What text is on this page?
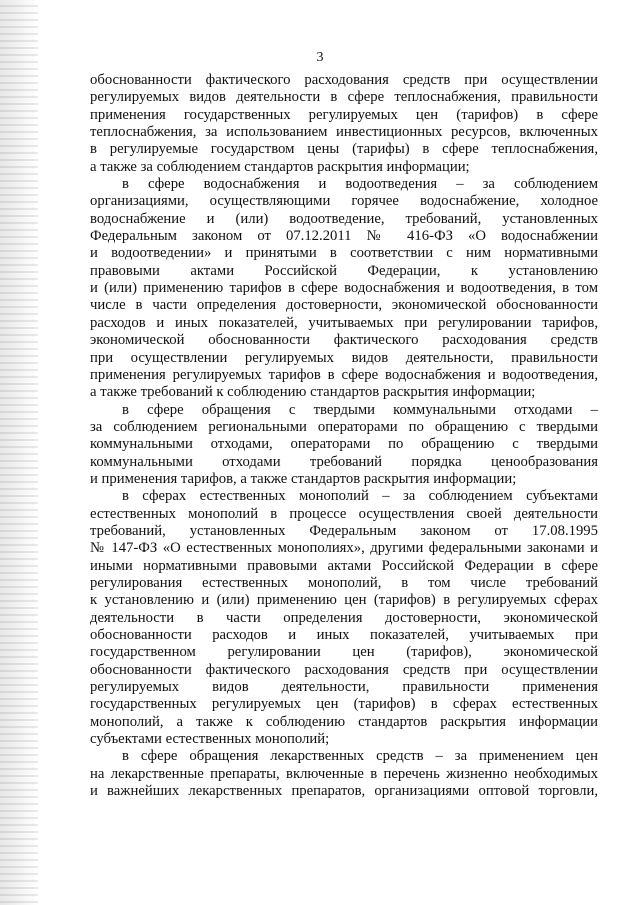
3

обоснованности фактического расходования средств при осуществлении
регулируемых видов деятельности в сфере теплоснабжения, правильности
применения государственных регулируемых цен (тарифов) в сфере
теплоснабжения, за использованием инвестиционных ресурсов, включенных
в регулируемые государством цены (тарифы) в сфере теплоснабжения,
а также за соблюдением стандартов раскрытия информации;

в сфере водоснабжения и водоотведения – за соблюдением
организациями, осуществляющими горячее водоснабжение, холодное
водоснабжение и (или) водоотведение, требований, установленных
Федеральным законом от 07.12.2011 № 416-ФЗ «О водоснабжении
и водоотведении» и принятыми в соответствии с ним нормативными
правовыми актами Российской Федерации, к установлению
и (или) применению тарифов в сфере водоснабжения и водоотведения, в том
числе в части определения достоверности, экономической обоснованности
расходов и иных показателей, учитываемых при регулировании тарифов,
экономической обоснованности фактического расходования средств
при осуществлении регулируемых видов деятельности, правильности
применения регулируемых тарифов в сфере водоснабжения и водоотведения,
а также требований к соблюдению стандартов раскрытия информации;

в сфере обращения с твердыми коммунальными отходами –
за соблюдением региональными операторами по обращению с твердыми
коммунальными отходами, операторами по обращению с твердыми
коммунальными отходами требований порядка ценообразования
и применения тарифов, а также стандартов раскрытия информации;

в сферах естественных монополий – за соблюдением субъектами
естественных монополий в процессе осуществления своей деятельности
требований, установленных Федеральным законом от 17.08.1995
№ 147-ФЗ «О естественных монополиях», другими федеральными законами и
иными нормативными правовыми актами Российской Федерации в сфере
регулирования естественных монополий, в том числе требований
к установлению и (или) применению цен (тарифов) в регулируемых сферах
деятельности в части определения достоверности, экономической
обоснованности расходов и иных показателей, учитываемых при
государственном регулировании цен (тарифов), экономической
обоснованности фактического расходования средств при осуществлении
регулируемых видов деятельности, правильности применения
государственных регулируемых цен (тарифов) в сферах естественных
монополий, а также к соблюдению стандартов раскрытия информации
субъектами естественных монополий;

в сфере обращения лекарственных средств – за применением цен
на лекарственные препараты, включенные в перечень жизненно необходимых
и важнейших лекарственных препаратов, организациями оптовой торговли,
